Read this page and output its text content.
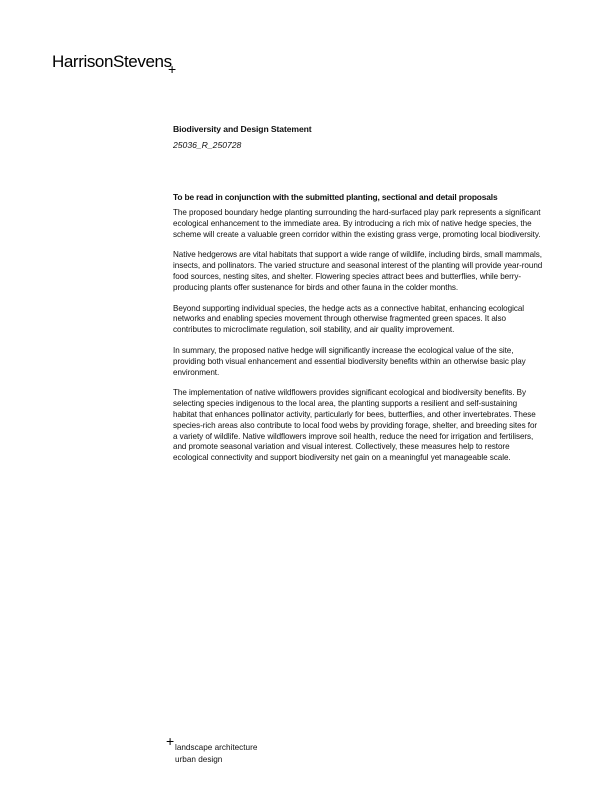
HarrisonStevens
+
Biodiversity and Design Statement
25036_R_250728
To be read in conjunction with the submitted planting, sectional and detail proposals

The proposed boundary hedge planting surrounding the hard-surfaced play park represents a significant ecological enhancement to the immediate area. By introducing a rich mix of native hedge species, the scheme will create a valuable green corridor within the existing grass verge, promoting local biodiversity.

Native hedgerows are vital habitats that support a wide range of wildlife, including birds, small mammals, insects, and pollinators. The varied structure and seasonal interest of the planting will provide year-round food sources, nesting sites, and shelter. Flowering species attract bees and butterflies, while berry-producing plants offer sustenance for birds and other fauna in the colder months.

Beyond supporting individual species, the hedge acts as a connective habitat, enhancing ecological networks and enabling species movement through otherwise fragmented green spaces. It also contributes to microclimate regulation, soil stability, and air quality improvement.

In summary, the proposed native hedge will significantly increase the ecological value of the site, providing both visual enhancement and essential biodiversity benefits within an otherwise basic play environment.

The implementation of native wildflowers provides significant ecological and biodiversity benefits. By selecting species indigenous to the local area, the planting supports a resilient and self-sustaining habitat that enhances pollinator activity, particularly for bees, butterflies, and other invertebrates. These species-rich areas also contribute to local food webs by providing forage, shelter, and breeding sites for a variety of wildlife. Native wildflowers improve soil health, reduce the need for irrigation and fertilisers, and promote seasonal variation and visual interest. Collectively, these measures help to restore ecological connectivity and support biodiversity net gain on a meaningful yet manageable scale.

+ landscape architecture
urban design
